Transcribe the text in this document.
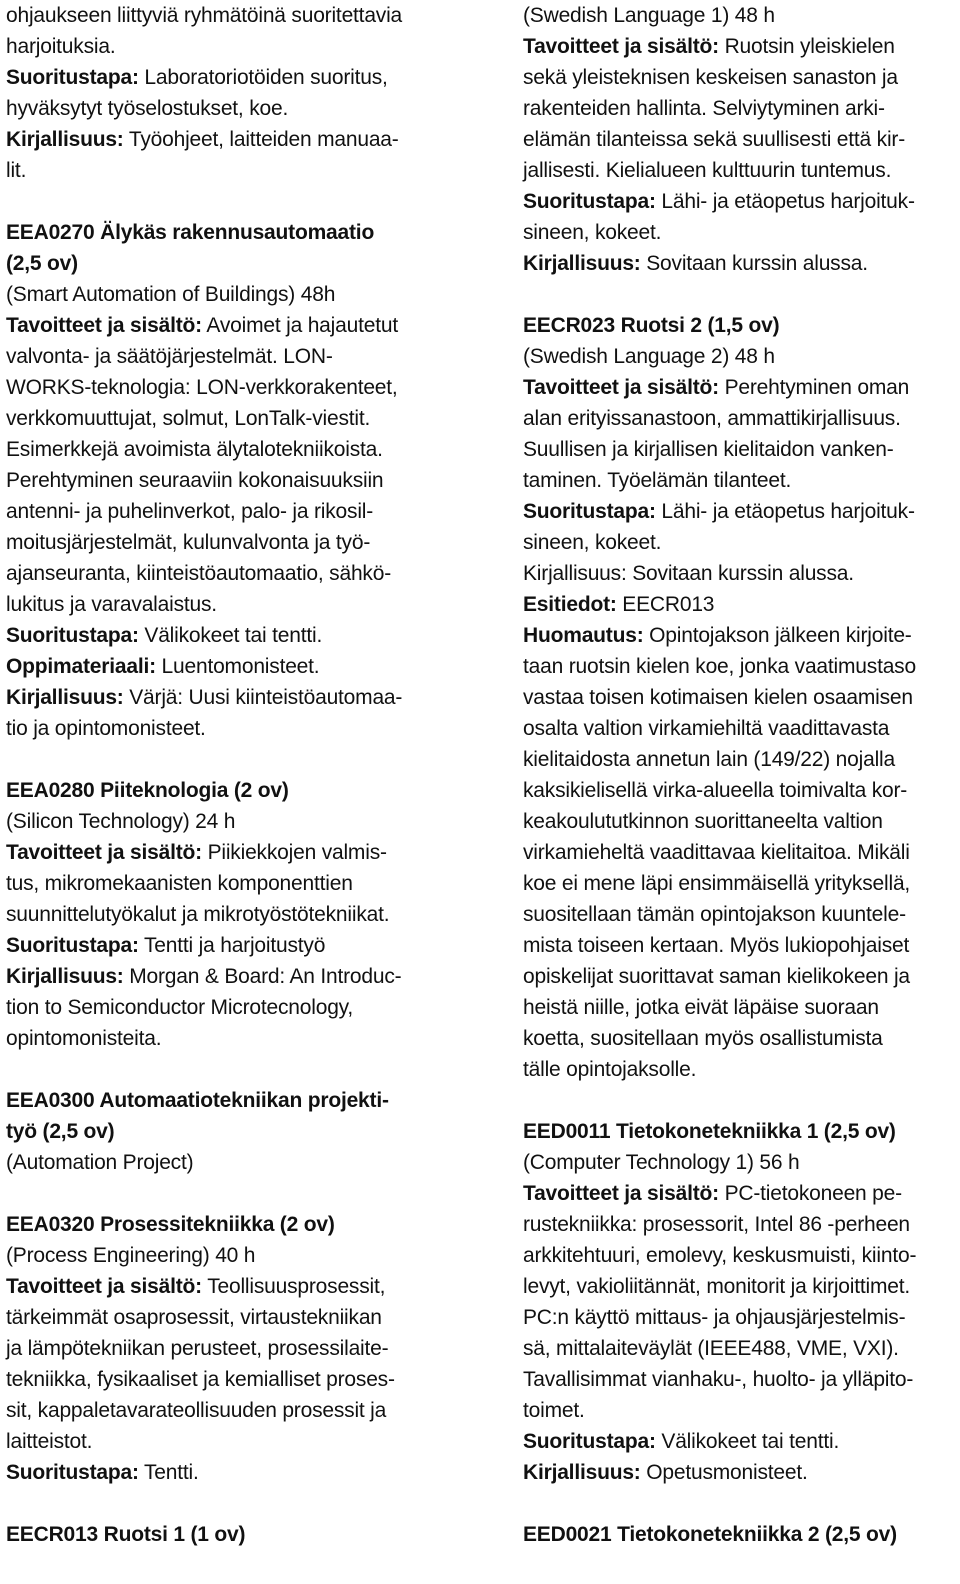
ohjaukseen liittyviä ryhmätöinä suoritettavia
harjoituksia.
Suoritustapa: Laboratoriotöiden suoritus,
hyväksytyt työselostukset, koe.
Kirjallisuus: Työohjeet, laitteiden manuaa-
lit.
EEA0270 Älykäs rakennusautomaatio
(2,5 ov)
(Smart Automation of Buildings) 48h
Tavoitteet ja sisältö: Avoimet ja hajautetut
valvonta- ja säätöjärjestelmät. LON-
WORKS-teknologia: LON-verkkorakenteet,
verkkomuuttujat, solmut, LonTalk-viestit.
Esimerkkejä avoimista älytalotekniikoista.
Perehtyminen seuraaviin kokonaisuuksiin
antenni- ja puhelinverkot, palo- ja rikosil-
moitusjärjestelmät, kulunvalvonta ja työ-
ajanseuranta, kiinteistöautomaatio, sähkö-
lukitus ja varavalaistus.
Suoritustapa: Välikokeet tai tentti.
Oppimateriaali: Luentomonisteet.
Kirjallisuus: Värjä: Uusi kiinteistöautomaa-
tio ja opintomonisteet.
EEA0280 Piiteknologia (2 ov)
(Silicon Technology) 24 h
Tavoitteet ja sisältö: Piikiekkojen valmis-
tus, mikromekaanisten komponenttien
suunnittelutyökalut ja mikrotyöstötekniikat.
Suoritustapa: Tentti ja harjoitustyö
Kirjallisuus: Morgan & Board: An Introduc-
tion to Semiconductor Microtecnology,
opintomonisteita.
EEA0300 Automaatiotekniikan projekti-
työ (2,5 ov)
(Automation Project)
EEA0320 Prosessitekniikka (2 ov)
(Process Engineering) 40 h
Tavoitteet ja sisältö: Teollisuusprosessit,
tärkeimmät osaprosessit, virtaustekniikan
ja lämpötekniikan perusteet, prosessilaite-
tekniikka, fysikaaliset ja kemialliset proses-
sit, kappaletavarateollisuuden prosessit ja
laitteistot.
Suoritustapa: Tentti.
EECR013 Ruotsi 1 (1 ov)
(Swedish Language 1) 48 h
Tavoitteet ja sisältö: Ruotsin yleiskielen
sekä yleisteknisen keskeisen sanaston ja
rakenteiden hallinta. Selviytyminen arki-
elämän tilanteissa sekä suullisesti että kir-
jallisesti. Kielialueen kulttuurin tuntemus.
Suoritustapa: Lähi- ja etäopetus harjoituk-
sineen, kokeet.
Kirjallisuus: Sovitaan kurssin alussa.
EECR023 Ruotsi 2 (1,5 ov)
(Swedish Language 2) 48 h
Tavoitteet ja sisältö: Perehtyminen oman
alan erityissanastoon, ammattikirjallisuus.
Suullisen ja kirjallisen kielitaidon vanken-
taminen. Työelämän tilanteet.
Suoritustapa: Lähi- ja etäopetus harjoituk-
sineen, kokeet.
Kirjallisuus: Sovitaan kurssin alussa.
Esitiedot: EECR013
Huomautus: Opintojakson jälkeen kirjoite-
taan ruotsin kielen koe, jonka vaatimustaso
vastaa toisen kotimaisen kielen osaamisen
osalta valtion virkamiehiltä vaadittavasta
kielitaidosta annetun lain (149/22) nojalla
kaksikielisellä virka-alueella toimivalta kor-
keakoulututkinnon suorittaneelta valtion
virkamieheltä vaadittavaa kielitaitoa. Mikäli
koe ei mene läpi ensimmäisellä yrityksellä,
suositellaan tämän opintojakson kuuntele-
mista toiseen kertaan. Myös lukiopohjaiset
opiskelijat suorittavat saman kielikokeen ja
heistä niille, jotka eivät läpäise suoraan
koetta, suositellaan myös osallistumista
tälle opintojaksolle.
EED0011 Tietokonetekniikka 1 (2,5 ov)
(Computer Technology 1) 56 h
Tavoitteet ja sisältö: PC-tietokoneen pe-
rustekniikka: prosessorit, Intel 86 -perheen
arkkitehtuuri, emolevy, keskusmuisti, kiinto-
levyt, vakioliitännät, monitorit ja kirjoittimet.
PC:n käyttö mittaus- ja ohjausjärjestelmis-
sä, mittalaiteväylät (IEEE488, VME, VXI).
Tavallisimmat vianhaku-, huolto- ja ylläpito-
toimet.
Suoritustapa: Välikokeet tai tentti.
Kirjallisuus: Opetusmonisteet.
EED0021 Tietokonetekniikka 2 (2,5 ov)
